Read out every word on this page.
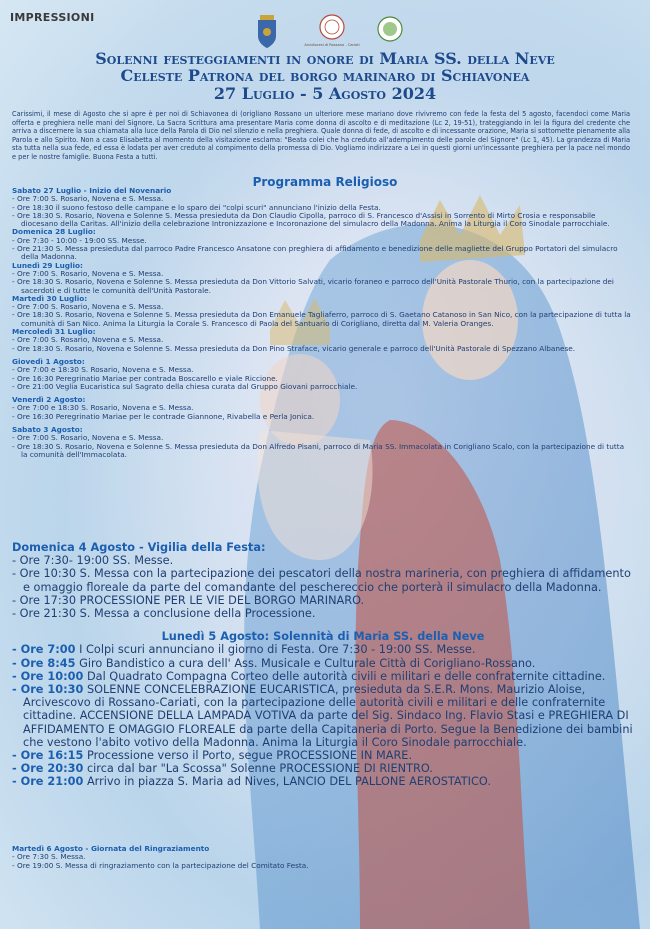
IMPRESSIONI
Arcidiocesi di Rossano - Cariati
Solenni festeggiamenti in onore di Maria SS. della Neve
Celeste Patrona del borgo marinaro di Schiavonea
27 Luglio - 5 Agosto 2024
Carissimi, il mese di Agosto che si apre è per noi di Schiavonea di (origliano Rossano un ulteriore mese mariano dove rivivremo con fede la festa del 5 agosto, facendoci come Maria offerta e preghiera nelle mani del Signore. La Sacra Scrittura ama presentare Maria come donna di ascolto e di meditazione (Lc 2, 19-51), trateggiando in lei la figura del credente che arriva a discernere la sua chiamata alla luce della Parola di Dio nel silenzio e nella preghiera. Quale donna di fede, di ascolto e di incessante orazione, Maria si sottomette pienamente alla Parola e allo Spirito. Non a caso Elisabetta al momento della visitazione esclama: "Beata colei che ha creduto all'adempimento delle parole del Signore" (Lc 1, 45). La grandezza di Maria sta tutta nella sua fede, ed essa è lodata per aver creduto al compimento della promessa di Dio. Vogliamo indirizzare a Lei in questi giorni un'incessante preghiera per la pace nel mondo e per le nostre famiglie. Buona Festa a tutti.
Programma Religioso
Sabato 27 Luglio - Inizio del Novenario
- Ore 7:00 S. Rosario, Novena e S. Messa.
- Ore 18:30 il suono festoso delle campane e lo sparo dei "colpi scuri" annunciano l'inizio della Festa.
- Ore 18:30 S. Rosario, Novena e Solenne S. Messa presieduta da Don Claudio Cipolla, parroco di S. Francesco d'Assisi in Sorrento di Mirto Crosia e responsabile diocesano della Caritas. All'inizio della celebrazione Intronizzazione e Incoronazione del simulacro della Madonna. Anima la Liturgia il Coro Sinodale parrocchiale.
Domenica 28 Luglio:
- Ore 7:30 - 10:00 - 19:00 SS. Messe.
- Ore 21:30 S. Messa presieduta dal parroco Padre Francesco Ansatone con preghiera di affidamento e benedizione delle magliette del Gruppo Portatori del simulacro della Madonna.
Lunedì 29 Luglio:
- Ore 7:00 S. Rosario, Novena e S. Messa.
- Ore 18:30 S. Rosario, Novena e Solenne S. Messa presieduta da Don Vittorio Salvati, vicario foraneo e parroco dell'Unità Pastorale Thurio, con la partecipazione dei sacerdoti e di tutte le comunità dell'Unità Pastorale.
Martedì 30 Luglio:
- Ore 7:00 S. Rosario, Novena e S. Messa.
- Ore 18:30 S. Rosario, Novena e Solenne S. Messa presieduta da Don Emanuele Tagliaferro, parroco di S. Gaetano Catanoso in San Nico, con la partecipazione di tutta la comunità di San Nico. Anima la Liturgia la Corale S. Francesco di Paola del Santuario di Corigliano, diretta dal M. Valeria Oranges.
Mercoledì 31 Luglio:
- Ore 7:00 S. Rosario, Novena e S. Messa.
- Ore 18:30 S. Rosario, Novena e Solenne S. Messa presieduta da Don Pino Straface, vicario generale e parroco dell'Unità Pastorale di Spezzano Albanese.
Giovedì 1 Agosto:
- Ore 7:00 e 18:30 S. Rosario, Novena e S. Messa.
- Ore 16:30 Peregrinatio Mariae per contrada Boscarello e viale Riccione.
- Ore 21:00 Veglia Eucaristica sul Sagrato della chiesa curata dal Gruppo Giovani parrocchiale.
Venerdì 2 Agosto:
- Ore 7:00 e 18:30 S. Rosario, Novena e S. Messa.
- Ore 16:30 Peregrinatio Mariae per le contrade Giannone, Rivabella e Perla Jonica.
Sabato 3 Agosto:
- Ore 7:00 S. Rosario, Novena e S. Messa.
- Ore 18:30 S. Rosario, Novena e Solenne S. Messa presieduta da Don Alfredo Pisani, parroco di Maria SS. Immacolata in Corigliano Scalo, con la partecipazione di tutta la comunità dell'Immacolata.
Domenica 4 Agosto - Vigilia della Festa:
- Ore 7:30- 19:00 SS. Messe.
- Ore 10:30 S. Messa con la partecipazione dei pescatori della nostra marineria, con preghiera di affidamento e omaggio floreale da parte del comandante del peschereccio che porterà il simulacro della Madonna.
- Ore 17:30 PROCESSIONE PER LE VIE DEL BORGO MARINARO.
- Ore 21:30 S. Messa a conclusione della Processione.
Lunedì 5 Agosto: Solennità di Maria SS. della Neve
- Ore 7:00 I Colpi scuri annunciano il giorno di Festa. Ore 7:30 - 19:00 SS. Messe.
- Ore 8:45 Giro Bandistico a cura dell' Ass. Musicale e Culturale Città di Corigliano-Rossano.
- Ore 10:00 Dal Quadrato Compagna Corteo delle autorità civili e militari e delle confraternite cittadine.
- Ore 10:30 SOLENNE CONCELEBRAZIONE EUCARISTICA, presieduta da S.E.R. Mons. Maurizio Aloise, Arcivescovo di Rossano-Cariati, con la partecipazione delle autorità civili e militari e delle confraternite cittadine. ACCENSIONE DELLA LAMPADA VOTIVA da parte del Sig. Sindaco Ing. Flavio Stasi e PREGHIERA DI AFFIDAMENTO E OMAGGIO FLOREALE da parte della Capitaneria di Porto. Segue la Benedizione dei bambini che vestono l'abito votivo della Madonna. Anima la Liturgia il Coro Sinodale parrocchiale.
- Ore 16:15 Processione verso il Porto, segue PROCESSIONE IN MARE.
- Ore 20:30 circa dal bar "La Scossa" Solenne PROCESSIONE DI RIENTRO.
- Ore 21:00 Arrivo in piazza S. Maria ad Nives, LANCIO DEL PALLONE AEROSTATICO.
Martedì 6 Agosto - Giornata del Ringraziamento
- Ore 7:30 S. Messa.
- Ore 19:00 S. Messa di ringraziamento con la partecipazione del Comitato Festa.
